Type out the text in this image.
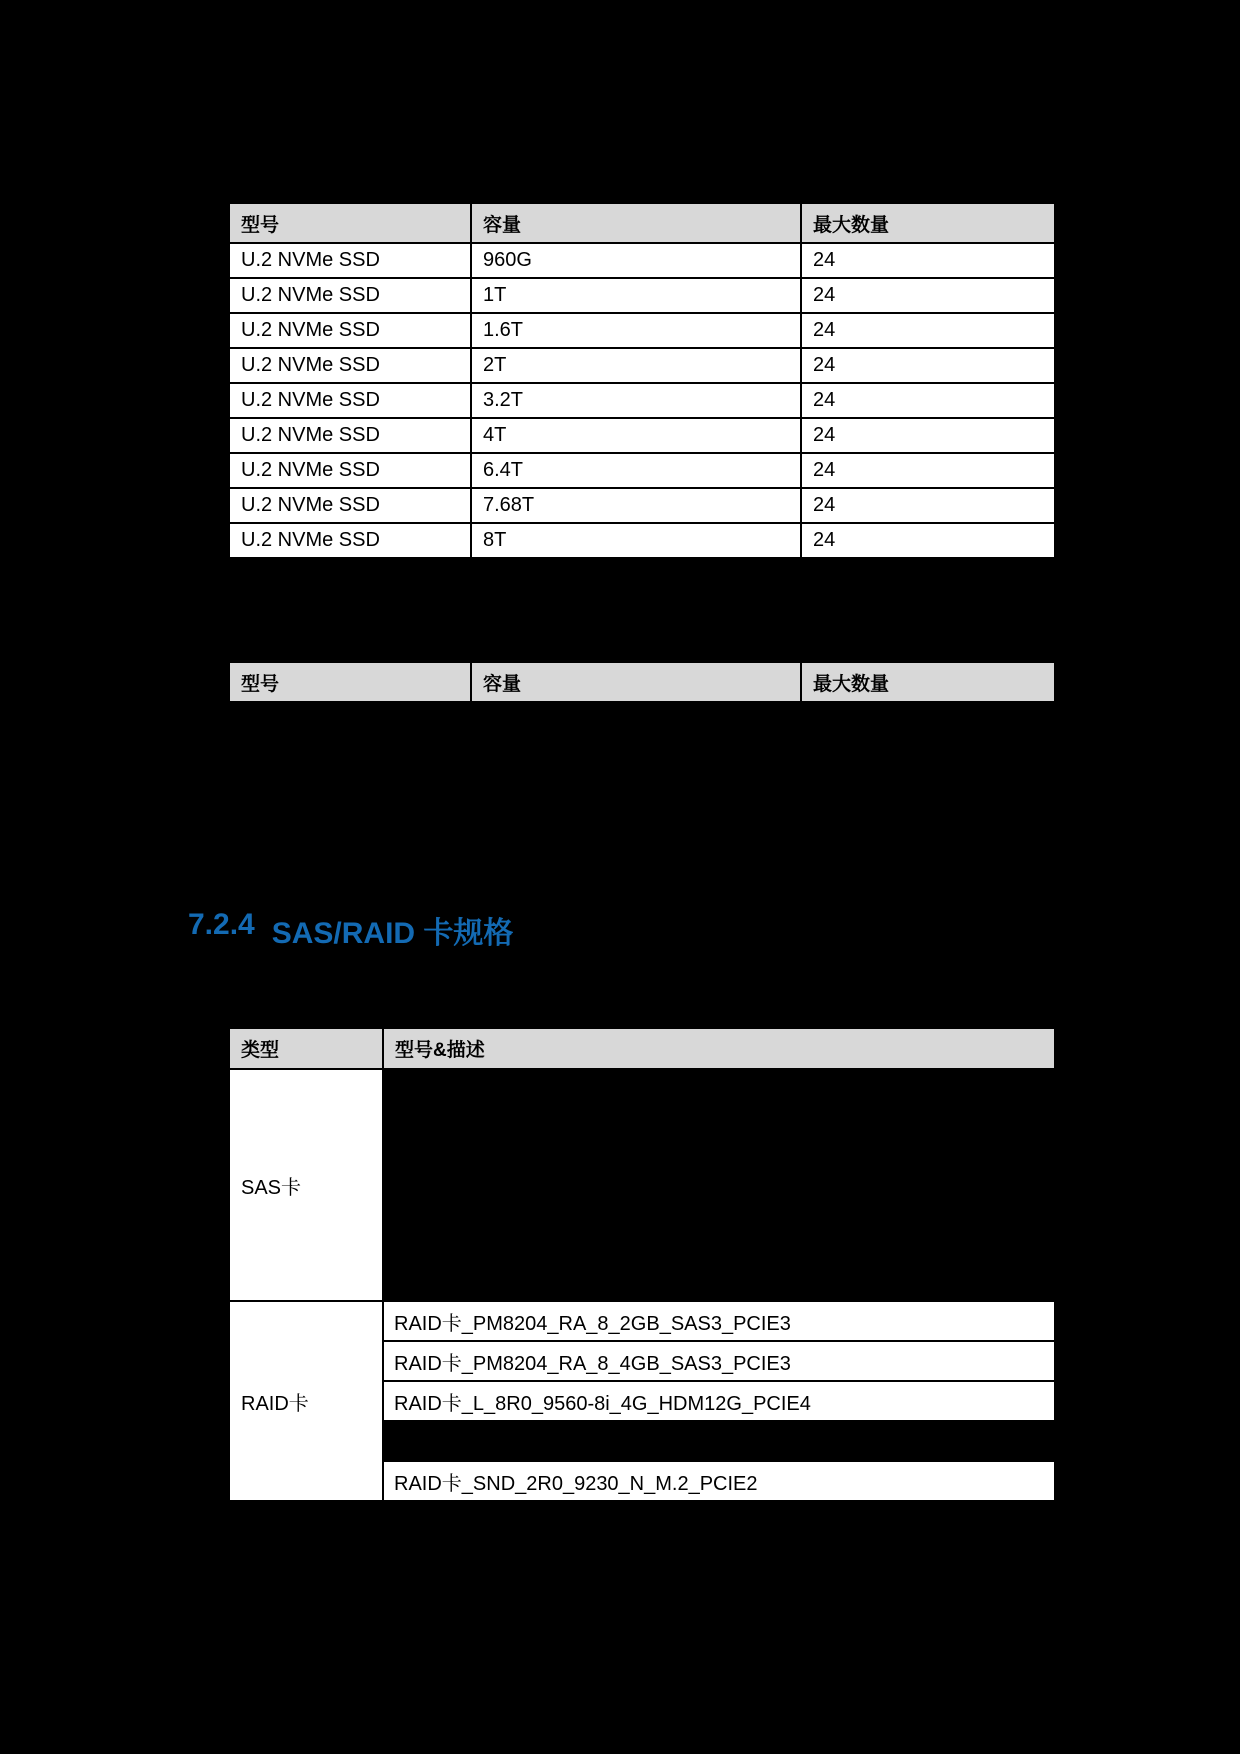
型号	容量	最大数量
U.2 NVMe SSD	960G	24
U.2 NVMe SSD	1T	24
U.2 NVMe SSD	1.6T	24
U.2 NVMe SSD	2T	24
U.2 NVMe SSD	3.2T	24
U.2 NVMe SSD	4T	24
U.2 NVMe SSD	6.4T	24
U.2 NVMe SSD	7.68T	24
U.2 NVMe SSD	8T	24
型号	容量	最大数量
7.2.4 SAS/RAID 卡规格
类型	型号&描述
SAS卡	
RAID卡	RAID卡_PM8204_RA_8_2GB_SAS3_PCIE3
	RAID卡_PM8204_RA_8_4GB_SAS3_PCIE3
	RAID卡_L_8R0_9560-8i_4G_HDM12G_PCIE4

	RAID卡_SND_2R0_9230_N_M.2_PCIE2
